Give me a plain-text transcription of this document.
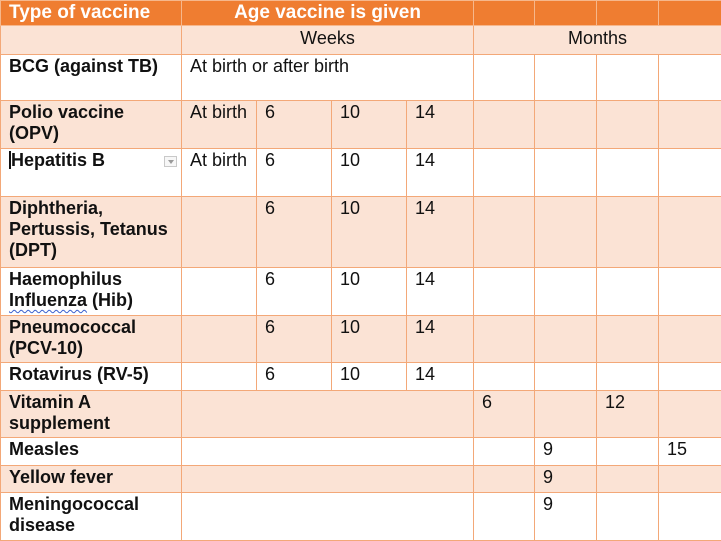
Type of vaccine	Age vaccine is given							
	Weeks				Months			
BCG (against TB)	At birth or after birth							
Polio vaccine (OPV)	At birth	6	10	14				
Hepatitis B	At birth	6	10	14				
Diphtheria, Pertussis, Tetanus (DPT)		6	10	14				
Haemophilus Influenza (Hib)		6	10	14				
Pneumococcal (PCV-10)		6	10	14				
Rotavirus (RV-5)		6	10	14				
Vitamin A supplement					6		12	
Measles						9		15
Yellow fever						9		
Meningococcal disease						9		
